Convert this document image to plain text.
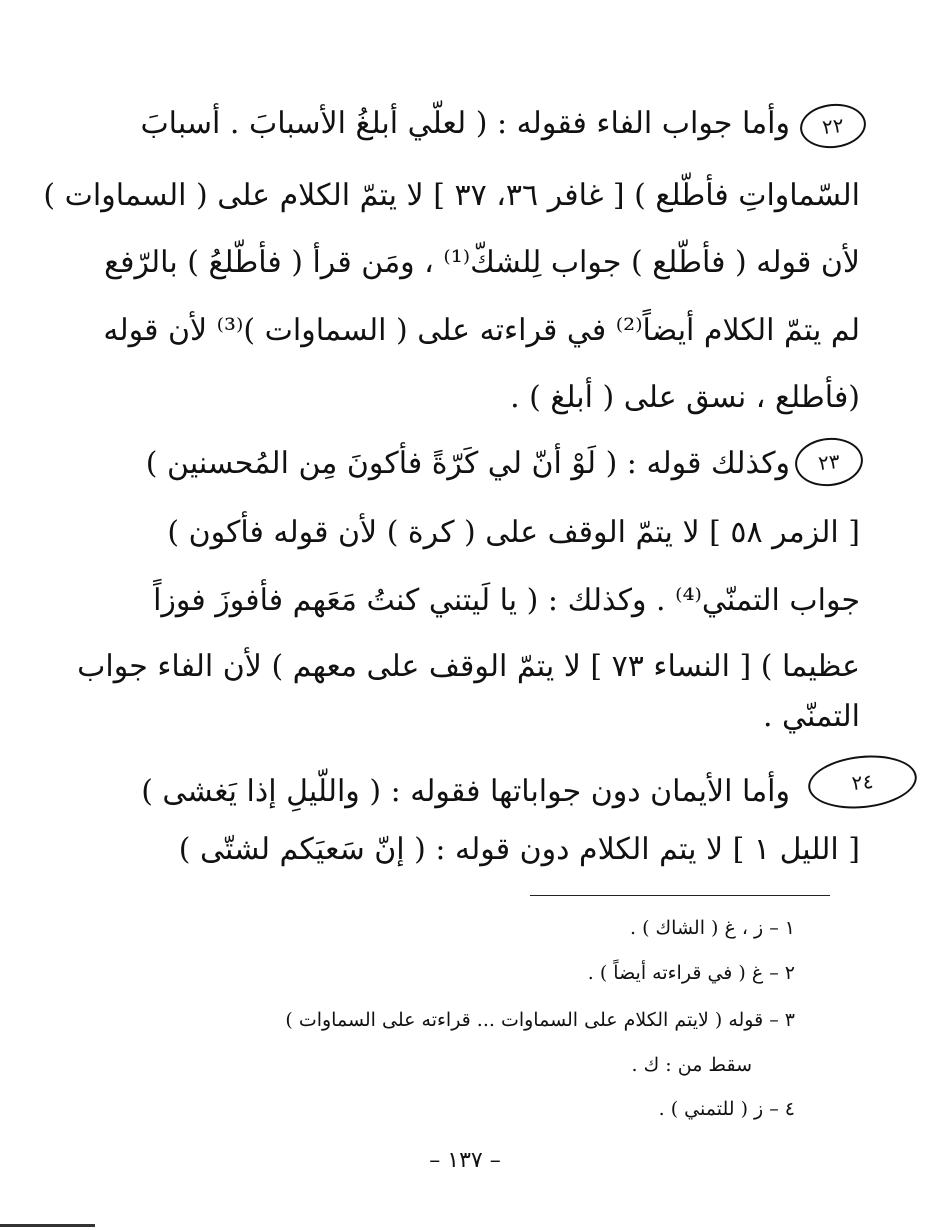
٢٢
٢٣
٢٤
وأما جواب الفاء فقوله : ( لعلّي أبلغُ الأسبابَ . أسبابَ
السّماواتِ فأطّلع ) [ غافر ٣٦، ٣٧ ] لا يتمّ الكلام على ( السماوات )
لأن قوله ( فأطّلع ) جواب لِلشكّ⁽¹⁾ ، ومَن قرأ ( فأطّلعُ ) بالرّفع
لم يتمّ الكلام أيضاً⁽²⁾ في قراءته على ( السماوات )⁽³⁾ لأن قوله
(فأطلع ، نسق على ( أبلغ ) .
وكذلك قوله : ( لَوْ أنّ لي كَرّةً فأكونَ مِن المُحسنين )
[ الزمر ٥٨ ] لا يتمّ الوقف على ( كرة ) لأن قوله فأكون )
جواب التمنّي⁽⁴⁾ . وكذلك : ( يا لَيتني كنتُ مَعَهم فأفوزَ فوزاً
عظيما ) [ النساء ٧٣ ] لا يتمّ الوقف على معهم ) لأن الفاء جواب
التمنّي .
وأما الأيمان دون جواباتها فقوله : ( واللّيلِ إذا يَغشى )
[ الليل ١ ] لا يتم الكلام دون قوله : ( إنّ سَعيَكم لشتّى )
١ – ز ، غ ( الشاك ) .
٢ – غ ( في قراءته أيضاً ) .
٣ – قوله ( لايتم الكلام على السماوات ... قراءته على السماوات )
سقط من : ك .
٤ – ز ( للتمني ) .
– ١٣٧ –
